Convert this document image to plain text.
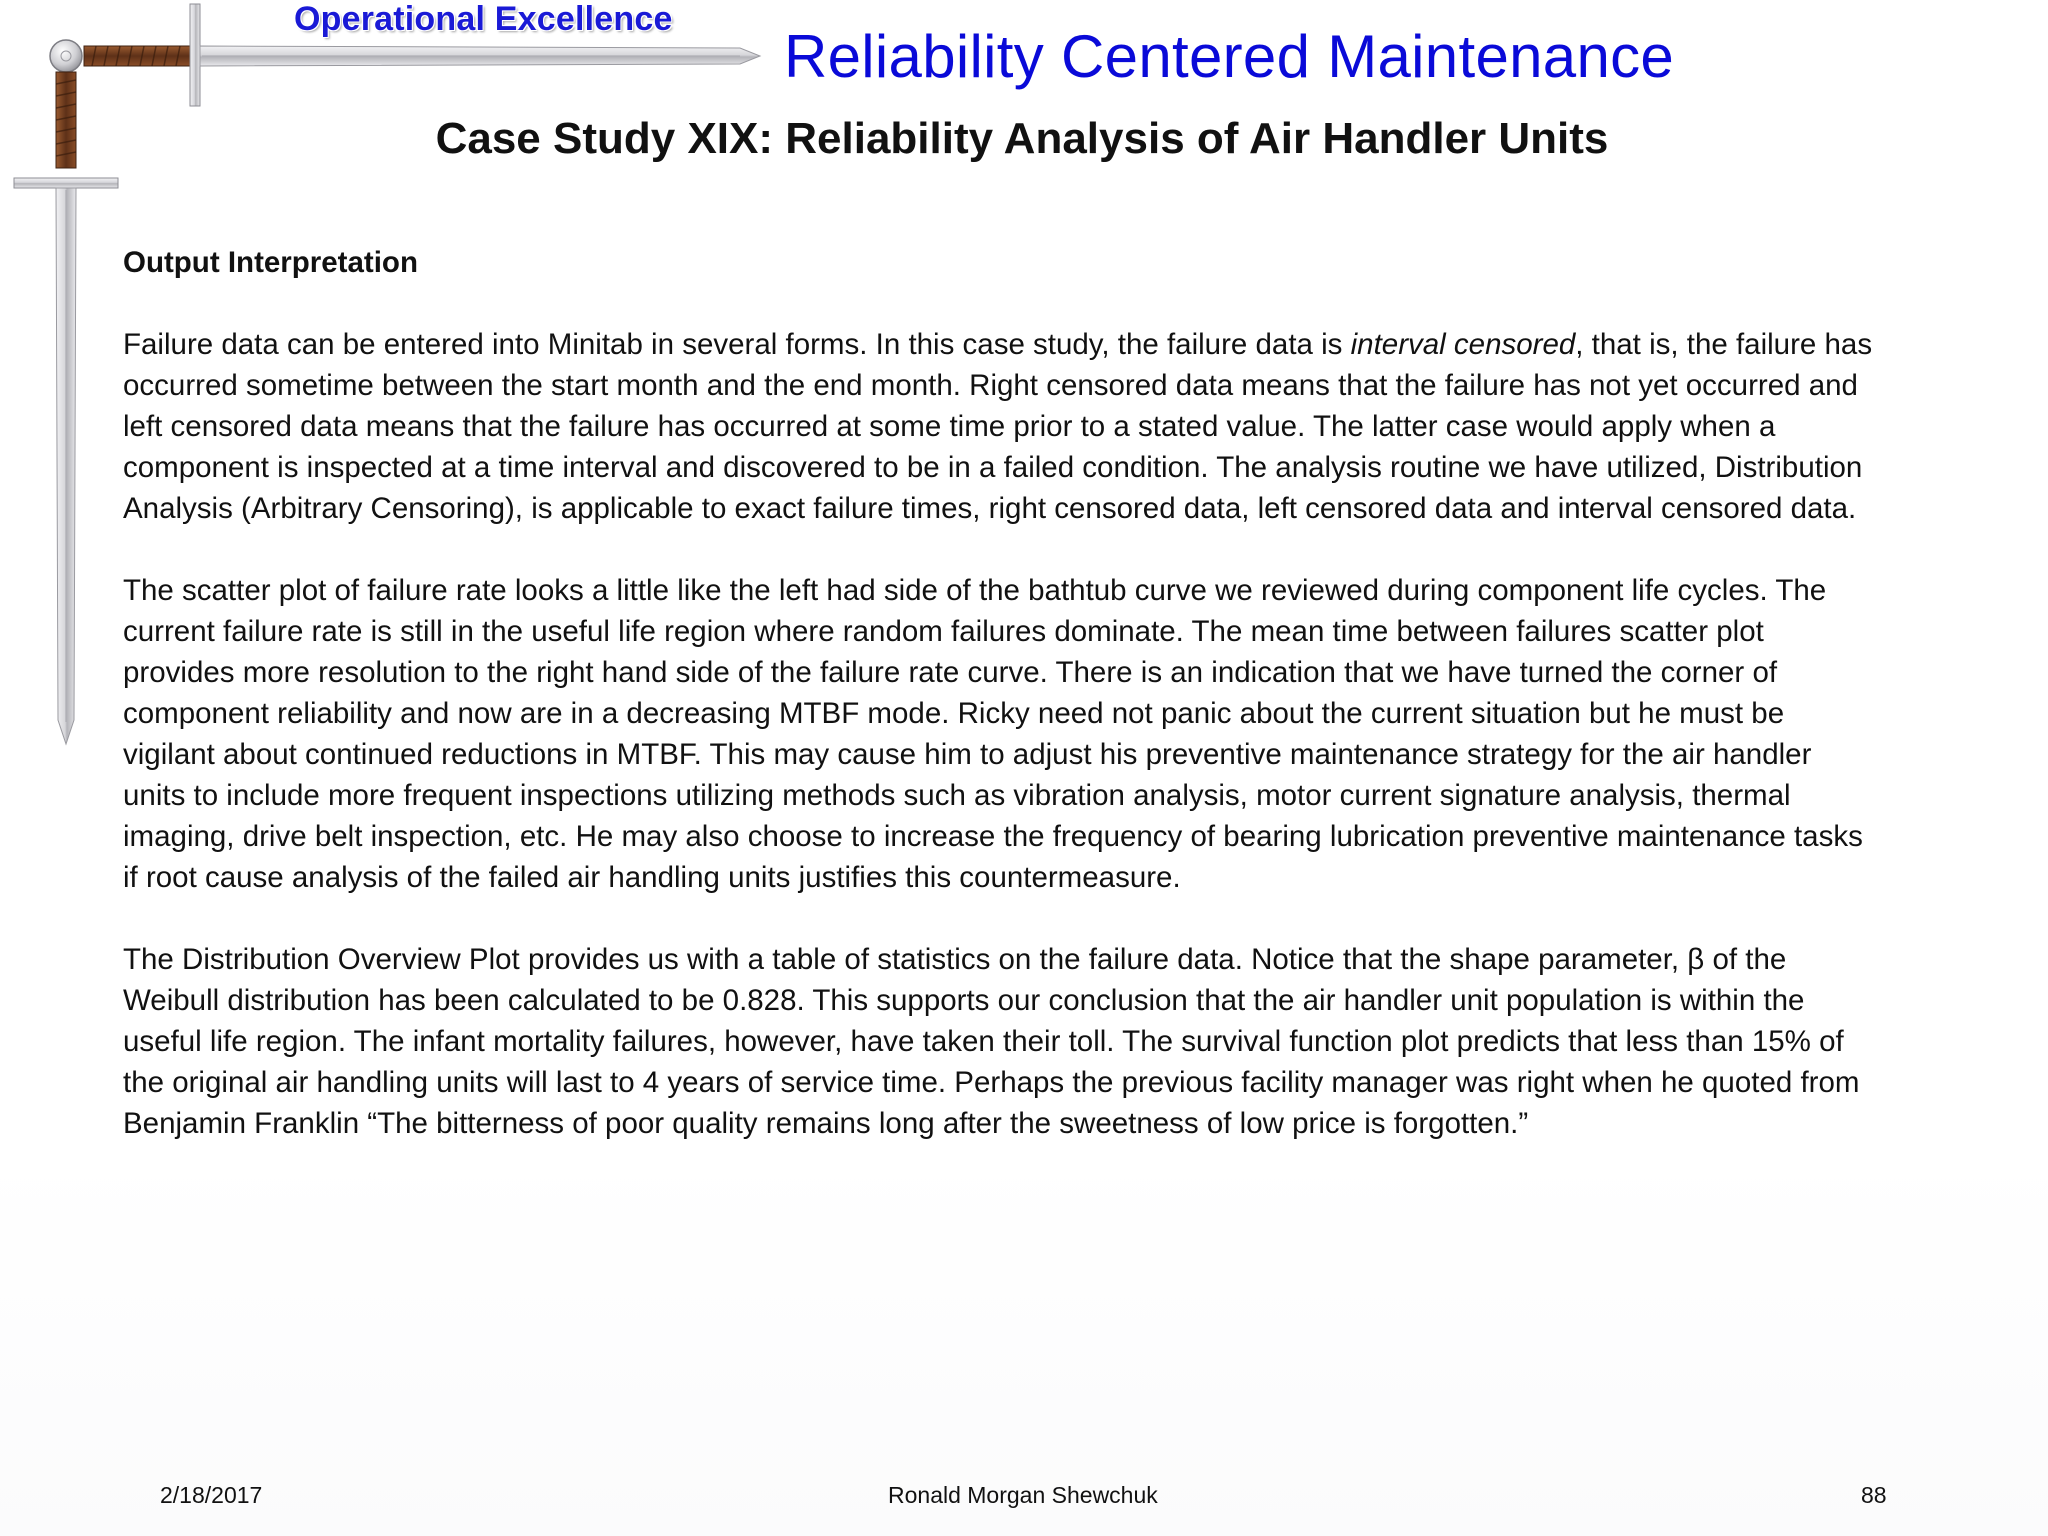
Operational Excellence
Reliability Centered Maintenance
Case Study XIX: Reliability Analysis of Air Handler Units
Output Interpretation
Failure data can be entered into Minitab in several forms. In this case study, the failure data is interval censored, that is, the failure has
occurred sometime between the start month and the end month. Right censored data means that the failure has not yet occurred and
left censored data means that the failure has occurred at some time prior to a stated value. The latter case would apply when a
component is inspected at a time interval and discovered to be in a failed condition. The analysis routine we have utilized, Distribution
Analysis (Arbitrary Censoring), is applicable to exact failure times, right censored data, left censored data and interval censored data.
The scatter plot of failure rate looks a little like the left had side of the bathtub curve we reviewed during component life cycles. The
current failure rate is still in the useful life region where random failures dominate. The mean time between failures scatter plot
provides more resolution to the right hand side of the failure rate curve. There is an indication that we have turned the corner of
component reliability and now are in a decreasing MTBF mode. Ricky need not panic about the current situation but he must be
vigilant about continued reductions in MTBF. This may cause him to adjust his preventive maintenance strategy for the air handler
units to include more frequent inspections utilizing methods such as vibration analysis, motor current signature analysis, thermal
imaging, drive belt inspection, etc. He may also choose to increase the frequency of bearing lubrication preventive maintenance tasks
if root cause analysis of the failed air handling units justifies this countermeasure.
The Distribution Overview Plot provides us with a table of statistics on the failure data. Notice that the shape parameter, β of the
Weibull distribution has been calculated to be 0.828. This supports our conclusion that the air handler unit population is within the
useful life region. The infant mortality failures, however, have taken their toll. The survival function plot predicts that less than 15% of
the original air handling units will last to 4 years of service time. Perhaps the previous facility manager was right when he quoted from
Benjamin Franklin “The bitterness of poor quality remains long after the sweetness of low price is forgotten.”
2/18/2017	Ronald Morgan Shewchuk	88
